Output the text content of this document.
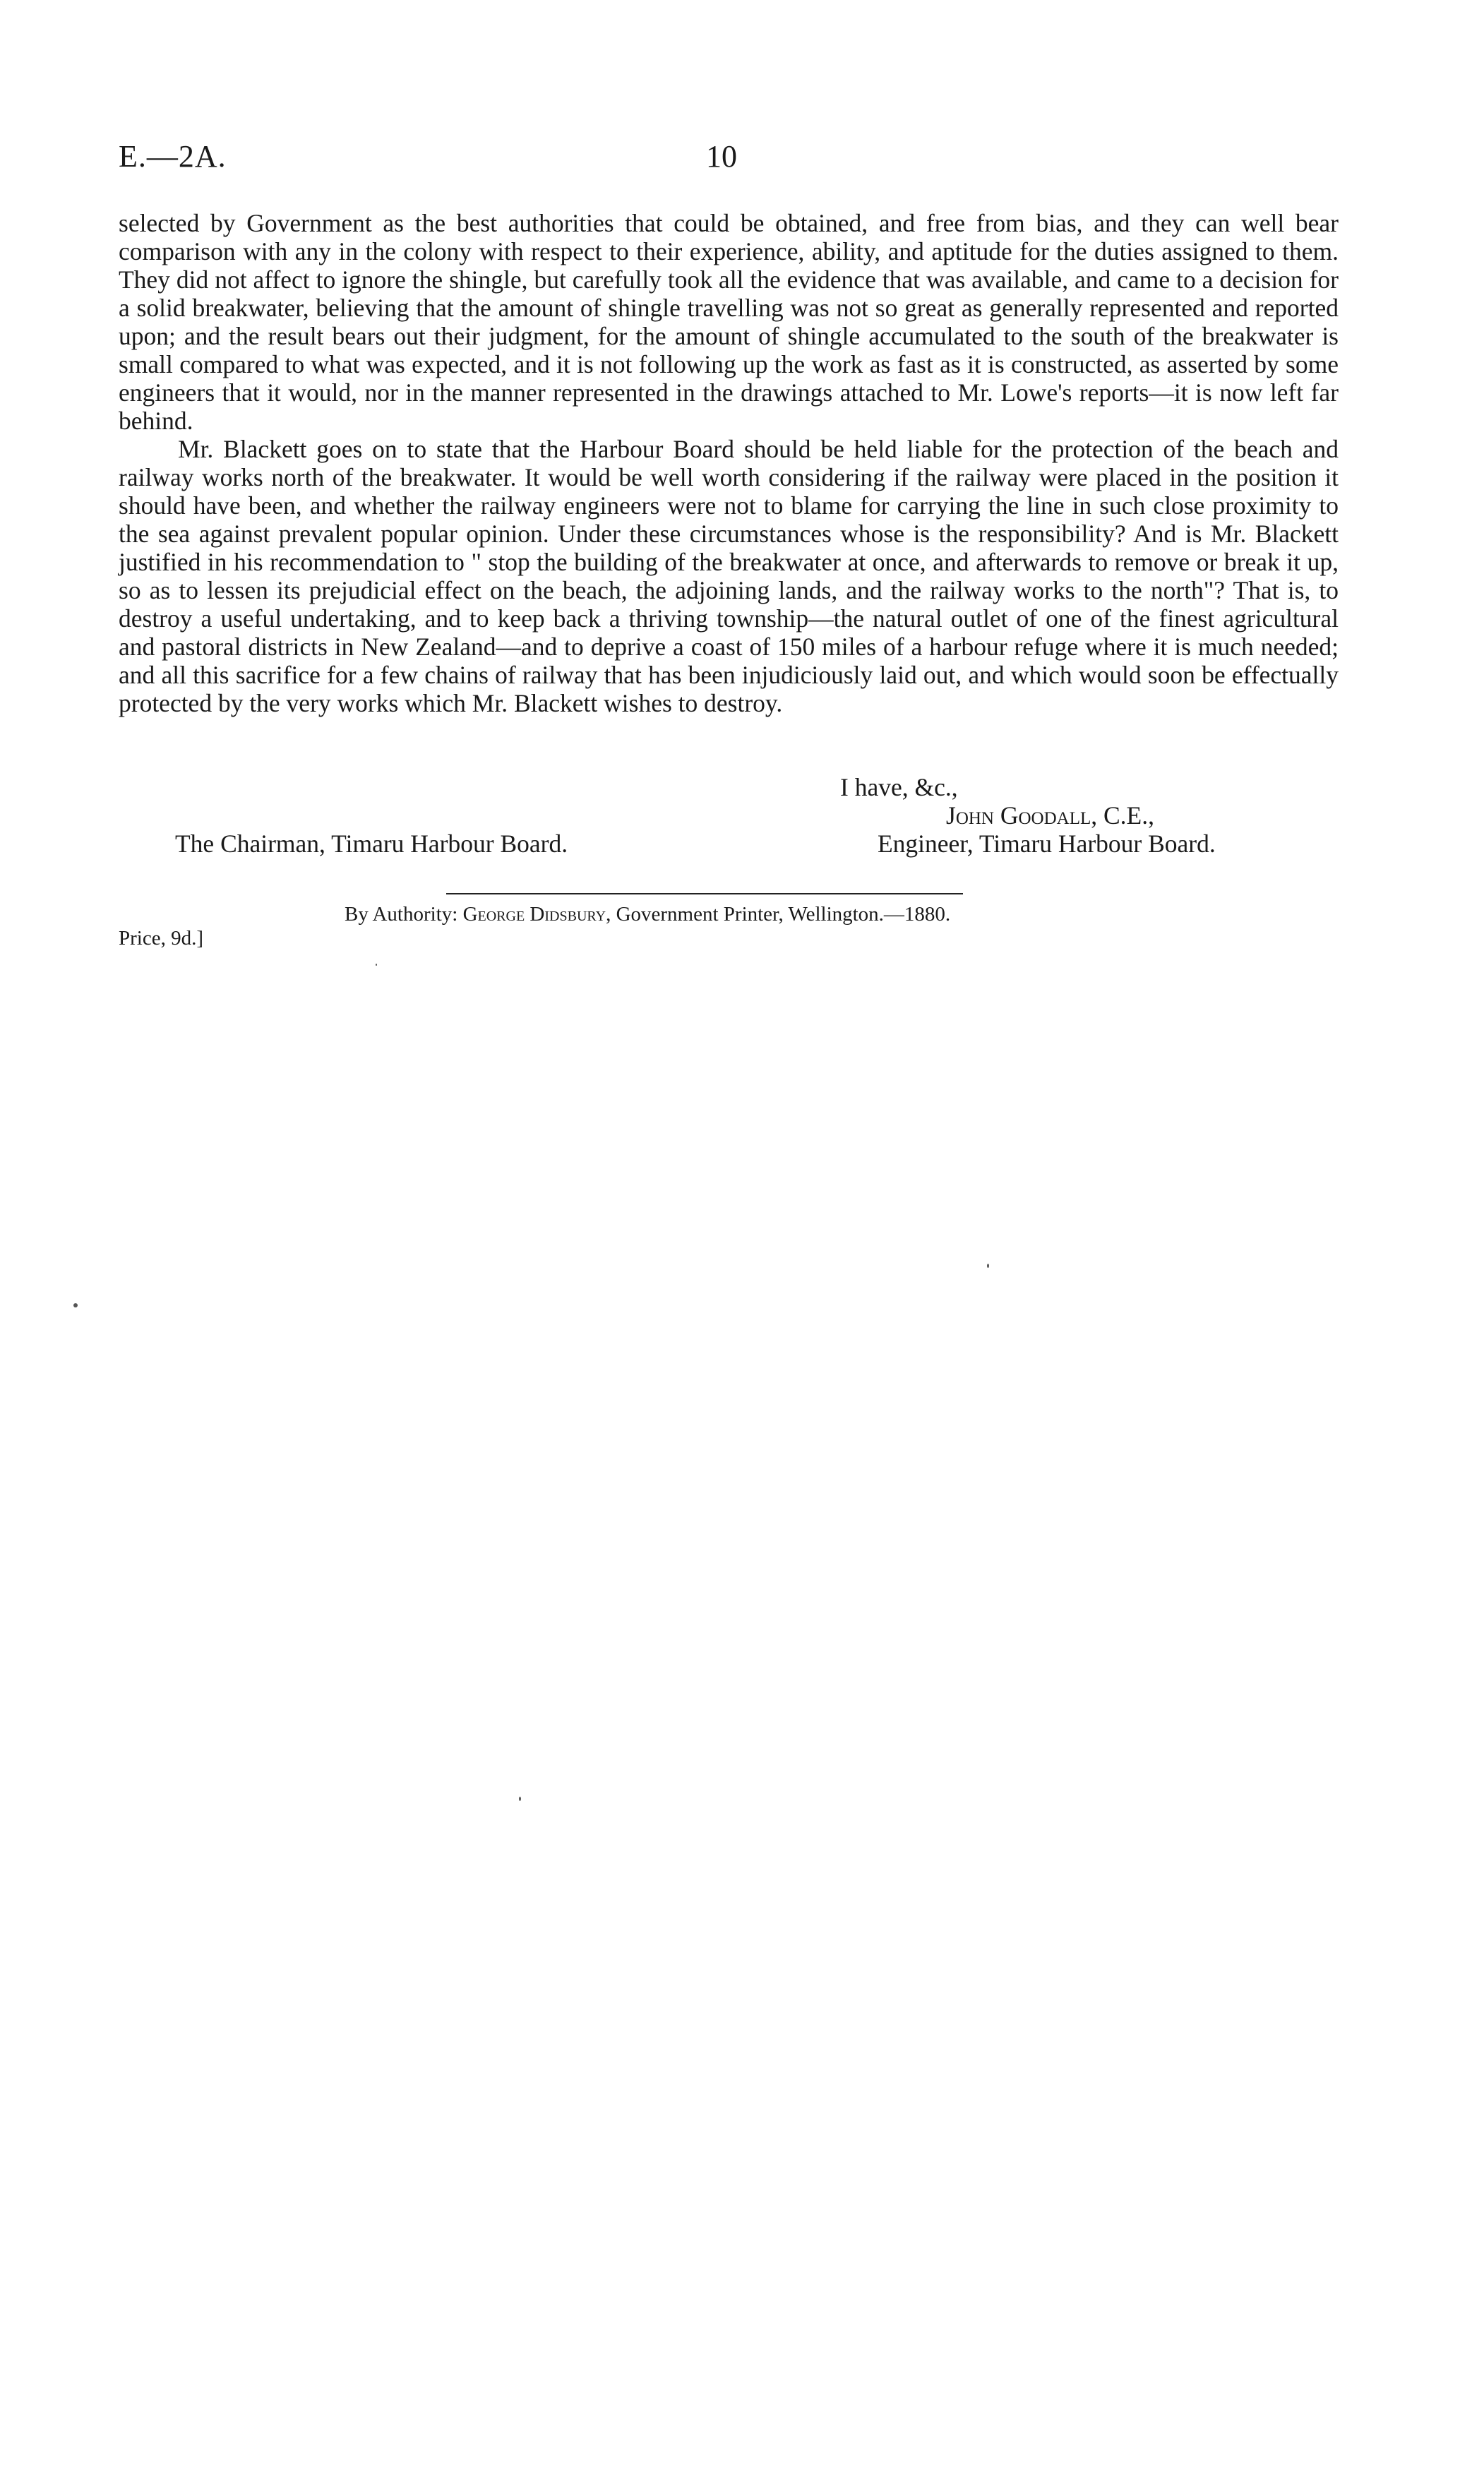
E.—2A.	10

selected by Government as the best authorities that could be obtained, and free from bias, and they can well bear comparison with any in the colony with respect to their experience, ability, and aptitude for the duties assigned to them. They did not affect to ignore the shingle, but carefully took all the evidence that was available, and came to a decision for a solid breakwater, believing that the amount of shingle travelling was not so great as generally represented and reported upon; and the result bears out their judgment, for the amount of shingle accumulated to the south of the breakwater is small compared to what was expected, and it is not following up the work as fast as it is constructed, as asserted by some engineers that it would, nor in the manner represented in the drawings attached to Mr. Lowe's reports—it is now left far behind.

Mr. Blackett goes on to state that the Harbour Board should be held liable for the protection of the beach and railway works north of the breakwater. It would be well worth considering if the railway were placed in the position it should have been, and whether the railway engineers were not to blame for carrying the line in such close proximity to the sea against prevalent popular opinion. Under these circumstances whose is the responsibility? And is Mr. Blackett justified in his recommendation to " stop the building of the breakwater at once, and afterwards to remove or break it up, so as to lessen its prejudicial effect on the beach, the adjoining lands, and the railway works to the north"? That is, to destroy a useful undertaking, and to keep back a thriving township—the natural outlet of one of the finest agricultural and pastoral districts in New Zealand—and to deprive a coast of 150 miles of a harbour refuge where it is much needed; and all this sacrifice for a few chains of railway that has been injudiciously laid out, and which would soon be effectually protected by the very works which Mr. Blackett wishes to destroy.

I have, &c.,
John Goodall, C.E.,
The Chairman, Timaru Harbour Board.	Engineer, Timaru Harbour Board.
By Authority: George Didsbury, Government Printer, Wellington.—1880.
Price, 9d.]
